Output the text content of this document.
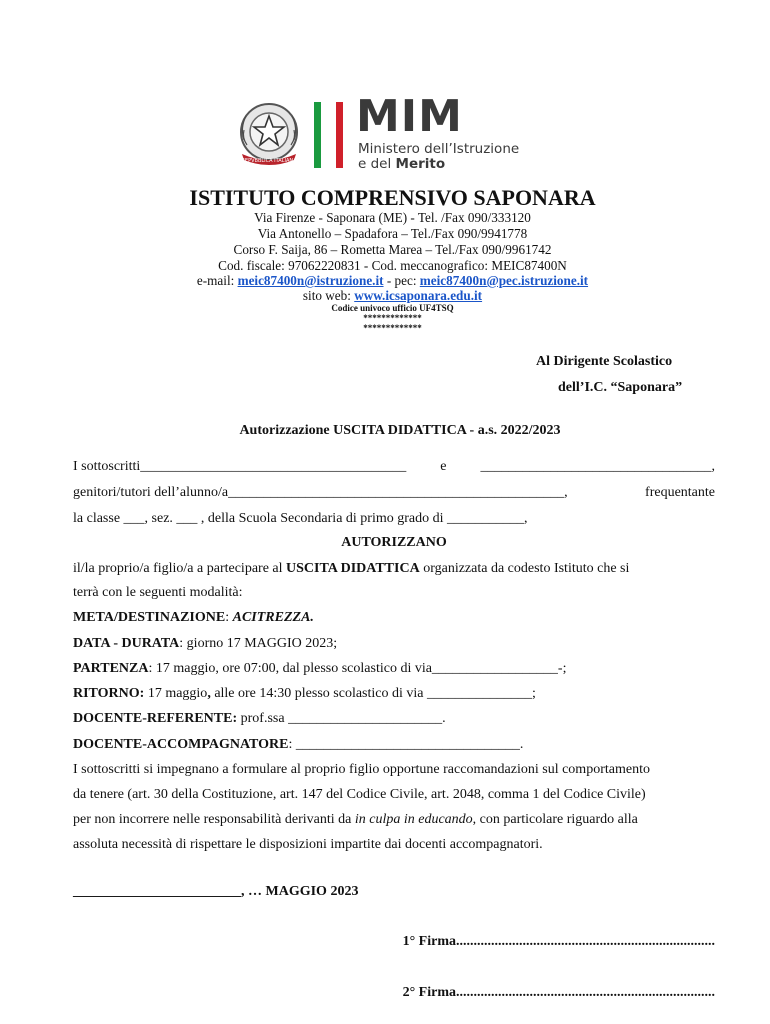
REPVBBLICA ITALIANA
MIM
Ministero dell’Istruzione
e del Merito
ISTITUTO COMPRENSIVO SAPONARA
Via Firenze - Saponara (ME) - Tel. /Fax 090/333120
Via Antonello – Spadafora – Tel./Fax 090/9941778
Corso F. Saija, 86 – Rometta Marea – Tel./Fax 090/9961742
Cod. fiscale: 97062220831 - Cod. meccanografico: MEIC87400N
e-mail: meic87400n@istruzione.it - pec: meic87400n@pec.istruzione.it
sito web: www.icsaponara.edu.it
Codice univoco ufficio UF4TSQ
*************
*************
Al Dirigente Scolastico
dell’I.C. “Saponara”
Autorizzazione USCITA DIDATTICA - a.s. 2022/2023
I sottoscritti______________________________________ e _________________________________,
genitori/tutori dell’alunno/a________________________________________________,	frequentante
la classe ___, sez. ___ , della Scuola Secondaria di primo grado di ___________,
AUTORIZZANO
il/la proprio/a figlio/a a partecipare al USCITA DIDATTICA organizzata da codesto Istituto che si
terrà con le seguenti modalità:
META/DESTINAZIONE: ACITREZZA.
DATA - DURATA: giorno 17 MAGGIO 2023;
PARTENZA: 17 maggio, ore 07:00, dal plesso scolastico di via__________________-;
RITORNO: 17 maggio, alle ore 14:30 plesso scolastico di via _______________;
DOCENTE-REFERENTE: prof.ssa ______________________.
DOCENTE-ACCOMPAGNATORE: ________________________________.
I sottoscritti si impegnano a formulare al proprio figlio opportune raccomandazioni sul comportamento
da tenere (art. 30 della Costituzione, art. 147 del Codice Civile, art. 2048, comma 1 del Codice Civile)
per non incorrere nelle responsabilità derivanti da in culpa in educando, con particolare riguardo alla
assoluta necessità di rispettare le disposizioni impartite dai docenti accompagnatori.
________________________, … MAGGIO 2023
1° Firma..........................................................................
2° Firma..........................................................................
